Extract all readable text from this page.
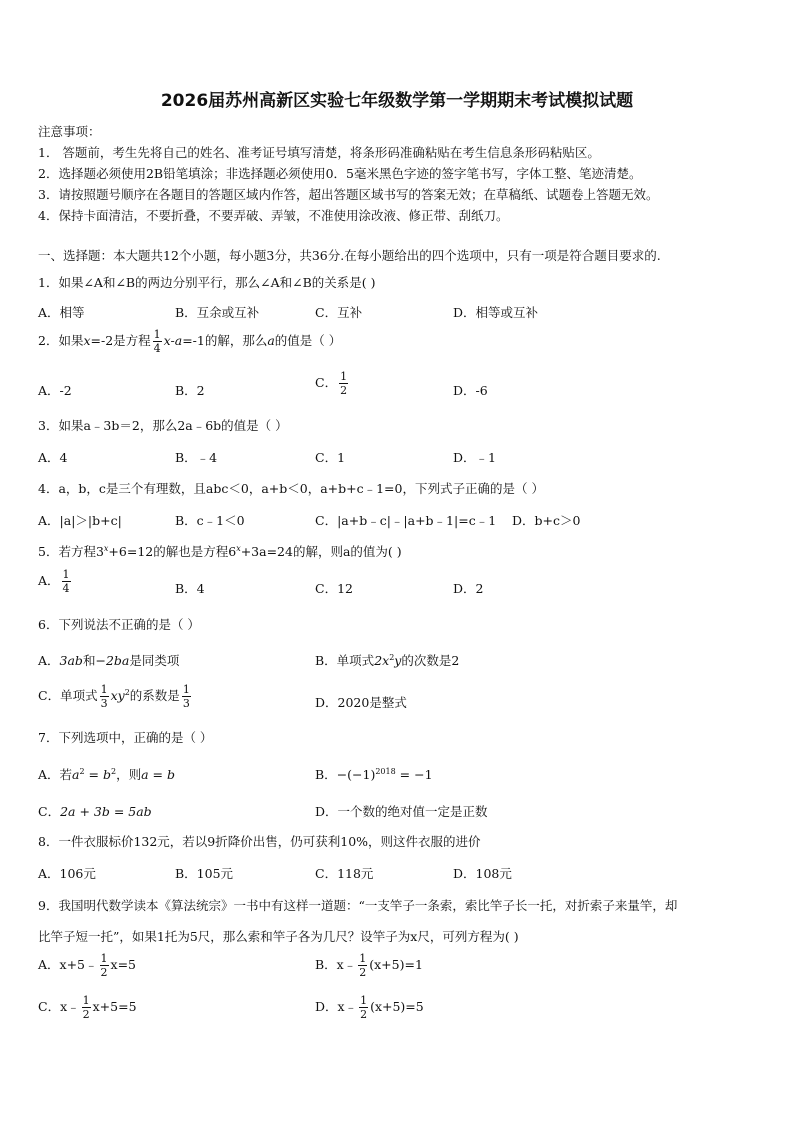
2026届苏州高新区实验七年级数学第一学期期末考试模拟试题
注意事项：
1． 答题前，考生先将自己的姓名、准考证号填写清楚，将条形码准确粘贴在考生信息条形码粘贴区。
2．选择题必须使用2B铅笔填涂；非选择题必须使用0．5毫米黑色字迹的签字笔书写，字体工整、笔迹清楚。
3．请按照题号顺序在各题目的答题区域内作答，超出答题区域书写的答案无效；在草稿纸、试题卷上答题无效。
4．保持卡面清洁，不要折叠，不要弄破、弄皱，不准使用涂改液、修正带、刮纸刀。
一、选择题：本大题共12个小题，每小题3分，共36分.在每小题给出的四个选项中，只有一项是符合题目要求的.
1．如果∠A和∠B的两边分别平行，那么∠A和∠B的关系是( )
A．相等	B．互余或互补	C．互补	D．相等或互补
2．如果x=-2是方程 $\frac{1}{4} x-a=-1$的解，那么a的值是（ ）
A．-2	B．2
C． $\frac{1}{2}$	D．-6
3．如果a﹣3b＝2，那么2a﹣6b的值是（ ）
A．4	B．﹣4	C．1	D．﹣1
4．a，b，c是三个有理数，且abc＜0，a+b＜0，a+b+c﹣1=0，下列式子正确的是（ ）
A．|a|＞|b+c|	B．c﹣1＜0	C．|a+b﹣c|﹣|a+b﹣1|=c﹣1 D．b+c＞0
5．若方程$3^x+6=12$的解也是方程$6^x+3a=24$的解，则a的值为( )
A． $\frac{1}{4}$	B．4	C．12	D．2
6．下列说法不正确的是（ ）
A．3ab和−2ba是同类项	B．单项式$2x^2y$的次数是2
C．单项式 $\frac{1}{3} xy^2$的系数是 $\frac{1}{3}$	D．2020是整式
7．下列选项中，正确的是（ ）
A．若$a^2 = b^2$，则a = b	B．$-(-1)^{2018} = -1$
C．2a + 3b = 5ab	D．一个数的绝对值一定是正数
8．一件衣服标价132元，若以9折降价出售，仍可获利10%，则这件衣服的进价
A．106元	B．105元	C．118元	D．108元
9．我国明代数学读本《算法统宗》一书中有这样一道题：“一支竿子一条索，索比竿子长一托，对折索子来量竿，却
比竿子短一托”，如果1托为5尺，那么索和竿子各为几尺？设竿子为x尺，可列方程为( )
A．x+5﹣ $\frac{1}{2} x=5$	B．x﹣ $\frac{1}{2} (x+5)=1$
C．x﹣ $\frac{1}{2} x+5=5$	D．x﹣ $\frac{1}{2} (x+5)=5$
